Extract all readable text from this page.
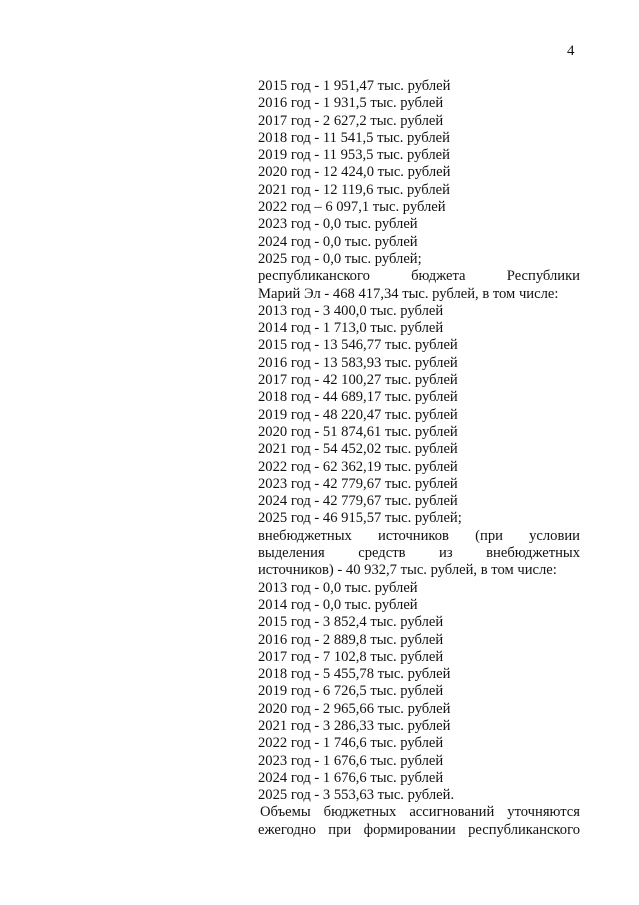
4
2015 год - 1 951,47 тыс. рублей
2016 год - 1 931,5 тыс. рублей
2017 год - 2 627,2 тыс. рублей
2018 год - 11 541,5 тыс. рублей
2019 год - 11 953,5 тыс. рублей
2020 год - 12 424,0 тыс. рублей
2021 год - 12 119,6 тыс. рублей
2022 год – 6 097,1 тыс. рублей
2023 год - 0,0 тыс. рублей
2024 год - 0,0 тыс. рублей
2025 год - 0,0 тыс. рублей;
республиканского бюджета Республики
Марий Эл - 468 417,34 тыс. рублей, в том числе:
2013 год - 3 400,0 тыс. рублей
2014 год - 1 713,0 тыс. рублей
2015 год - 13 546,77 тыс. рублей
2016 год - 13 583,93 тыс. рублей
2017 год - 42 100,27 тыс. рублей
2018 год - 44 689,17 тыс. рублей
2019 год - 48 220,47 тыс. рублей
2020 год - 51 874,61 тыс. рублей
2021 год - 54 452,02 тыс. рублей
2022 год - 62 362,19 тыс. рублей
2023 год - 42 779,67 тыс. рублей
2024 год - 42 779,67 тыс. рублей
2025 год - 46 915,57 тыс. рублей;
внебюджетных источников (при условии
выделения средств из внебюджетных
источников) - 40 932,7 тыс. рублей, в том числе:
2013 год - 0,0 тыс. рублей
2014 год - 0,0 тыс. рублей
2015 год - 3 852,4 тыс. рублей
2016 год - 2 889,8 тыс. рублей
2017 год - 7 102,8 тыс. рублей
2018 год - 5 455,78 тыс. рублей
2019 год - 6 726,5 тыс. рублей
2020 год - 2 965,66 тыс. рублей
2021 год - 3 286,33 тыс. рублей
2022 год - 1 746,6 тыс. рублей
2023 год - 1 676,6 тыс. рублей
2024 год - 1 676,6 тыс. рублей
2025 год - 3 553,63 тыс. рублей.
Объемы бюджетных ассигнований уточняются
ежегодно при формировании республиканского
